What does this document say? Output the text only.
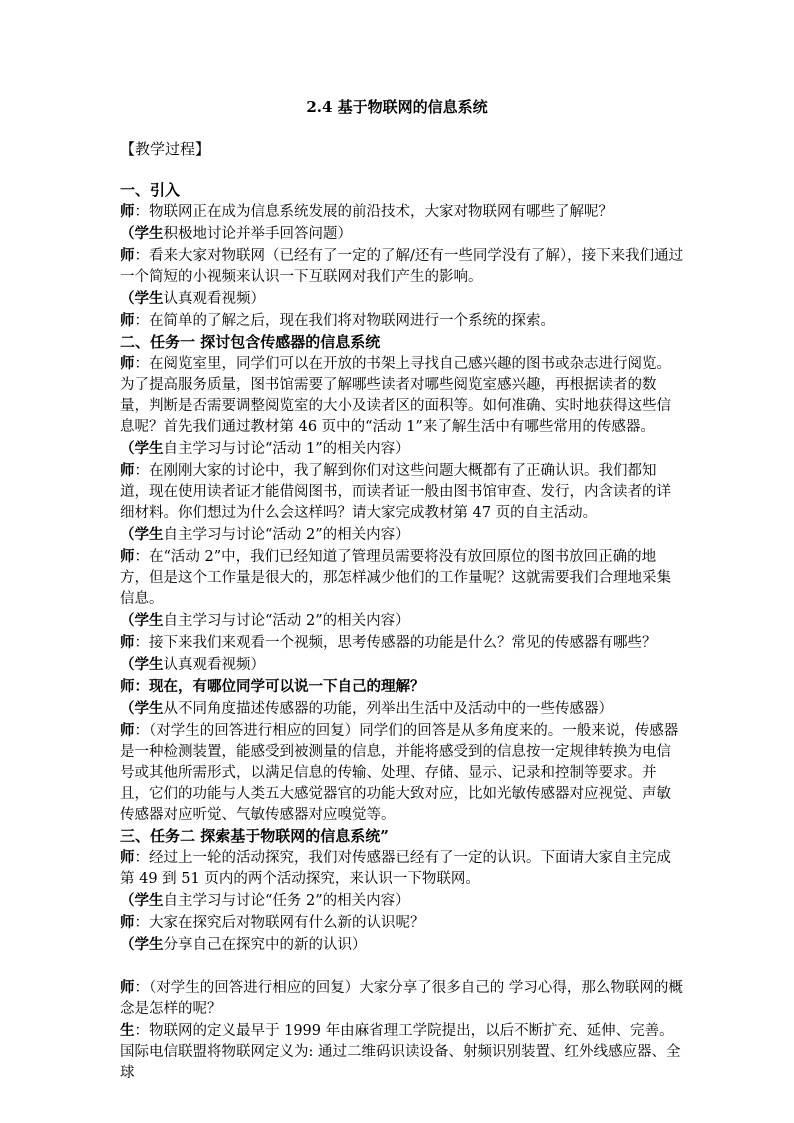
2.4 基于物联网的信息系统
【教学过程】

一、引入

师：物联网正在成为信息系统发展的前沿技术，大家对物联网有哪些了解呢？

（学生积极地讨论并举手回答问题）

师：看来大家对物联网（已经有了一定的了解/还有一些同学没有了解），接下来我们通过一个简短的小视频来认识一下互联网对我们产生的影响。

（学生认真观看视频）

师：在简单的了解之后，现在我们将对物联网进行一个系统的探索。

二、任务一 探讨包含传感器的信息系统

师：在阅览室里，同学们可以在开放的书架上寻找自己感兴趣的图书或杂志进行阅览。为了提高服务质量，图书馆需要了解哪些读者对哪些阅览室感兴趣，再根据读者的数量，判断是否需要调整阅览室的大小及读者区的面积等。如何准确、实时地获得这些信息呢？首先我们通过教材第 46 页中的“活动 1”来了解生活中有哪些常用的传感器。

（学生自主学习与讨论“活动 1”的相关内容）

师：在刚刚大家的讨论中，我了解到你们对这些问题大概都有了正确认识。我们都知道，现在使用读者证才能借阅图书，而读者证一般由图书馆审查、发行，内含读者的详细材料。你们想过为什么会这样吗？请大家完成教材第 47 页的自主活动。

（学生自主学习与讨论“活动 2”的相关内容）

师：在“活动 2”中，我们已经知道了管理员需要将没有放回原位的图书放回正确的地方，但是这个工作量是很大的，那怎样减少他们的工作量呢？这就需要我们合理地采集信息。

（学生自主学习与讨论“活动 2”的相关内容）

师：接下来我们来观看一个视频，思考传感器的功能是什么？常见的传感器有哪些？

（学生认真观看视频）

师：现在，有哪位同学可以说一下自己的理解？

（学生从不同角度描述传感器的功能，列举出生活中及活动中的一些传感器）

师：（对学生的回答进行相应的回复）同学们的回答是从多角度来的。一般来说，传感器是一种检测装置，能感受到被测量的信息，并能将感受到的信息按一定规律转换为电信号或其他所需形式，以满足信息的传输、处理、存储、显示、记录和控制等要求。并且，它们的功能与人类五大感觉器官的功能大致对应，比如光敏传感器对应视觉、声敏传感器对应听觉、气敏传感器对应嗅觉等。

三、任务二 探索基于物联网的信息系统”

师：经过上一轮的活动探究，我们对传感器已经有了一定的认识。下面请大家自主完成第 49 到 51 页内的两个活动探究，来认识一下物联网。

（学生自主学习与讨论“任务 2”的相关内容）

师：大家在探究后对物联网有什么新的认识呢？

（学生分享自己在探究中的新的认识）

师：（对学生的回答进行相应的回复）大家分享了很多自己的 学习心得，那么物联网的概念是怎样的呢？

生：物联网的定义最早于 1999 年由麻省理工学院提出，以后不断扩充、延伸、完善。

国际电信联盟将物联网定义为: 通过二维码识读设备、射频识别装置、红外线感应器、全球
